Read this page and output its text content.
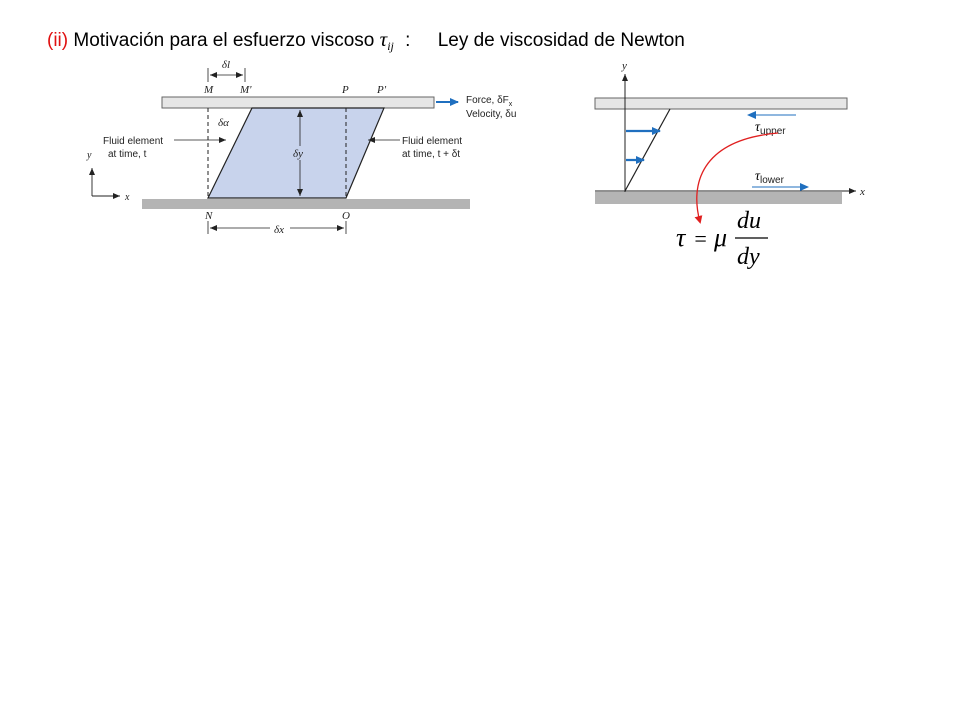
(ii) Motivación para el esfuerzo viscoso $\tau_{ij}$ : Ley de viscosidad de Newton
δl
M M'	P	P'
N	O
δα
δy
δx
Force, $\delta F_x$
Velocity, δu
Fluid element
at time, t
Fluid element
at time, t + δt
y
x	x
y
$\tau_{upper}$
$\tau_{lower}$
τ = μ
du
dy
